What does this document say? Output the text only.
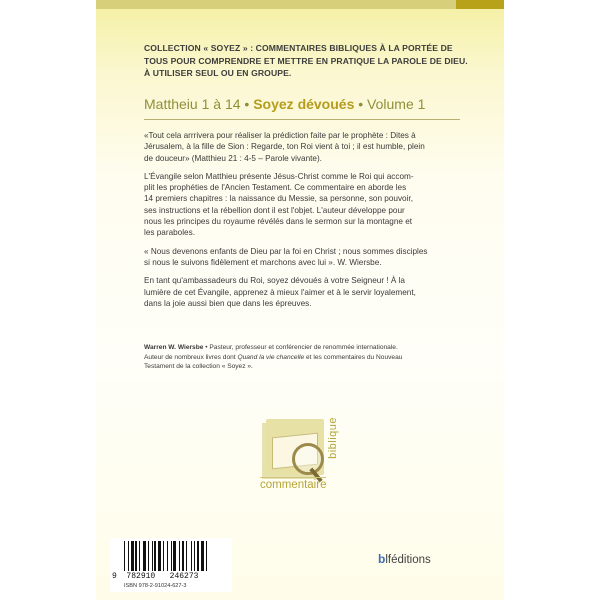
COLLECTION « SOYEZ » : COMMENTAIRES BIBLIQUES À LA PORTÉE DE
TOUS POUR COMPRENDRE ET METTRE EN PRATIQUE LA PAROLE DE DIEU.
À UTILISER SEUL OU EN GROUPE.
Mattheiu 1 à 14 • Soyez dévoués • Volume 1

«Tout cela arrrivera pour réaliser la prédiction faite par le prophète : Dites à
Jérusalem, à la fille de Sion : Regarde, ton Roi vient à toi ; il est humble, plein
de douceur» (Matthieu 21 : 4-5 – Parole vivante).

L'Évangile selon Matthieu présente Jésus-Christ comme le Roi qui accom-
plit les prophéties de l'Ancien Testament. Ce commentaire en aborde les
14 premiers chapitres : la naissance du Messie, sa personne, son pouvoir,
ses instructions et la rébellion dont il est l'objet. L'auteur développe pour
nous les principes du royaume révélés dans le sermon sur la montagne et
les paraboles.

« Nous devenons enfants de Dieu par la foi en Christ ; nous sommes disciples
si nous le suivons fidèlement et marchons avec lui ». W. Wiersbe.

En tant qu'ambassadeurs du Roi, soyez dévoués à votre Seigneur ! À la
lumière de cet Évangile, apprenez à mieux l'aimer et à le servir loyalement,
dans la joie aussi bien que dans les épreuves.

Warren W. Wiersbe • Pasteur, professeur et conférencier de renommée internationale.
Auteur de nombreux livres dont Quand la vie chancelle et les commentaires du Nouveau
Testament de la collection « Soyez ».
biblique
commentaire
9 782910 246273
ISBN 978-2-91024-627-3
blféditions
